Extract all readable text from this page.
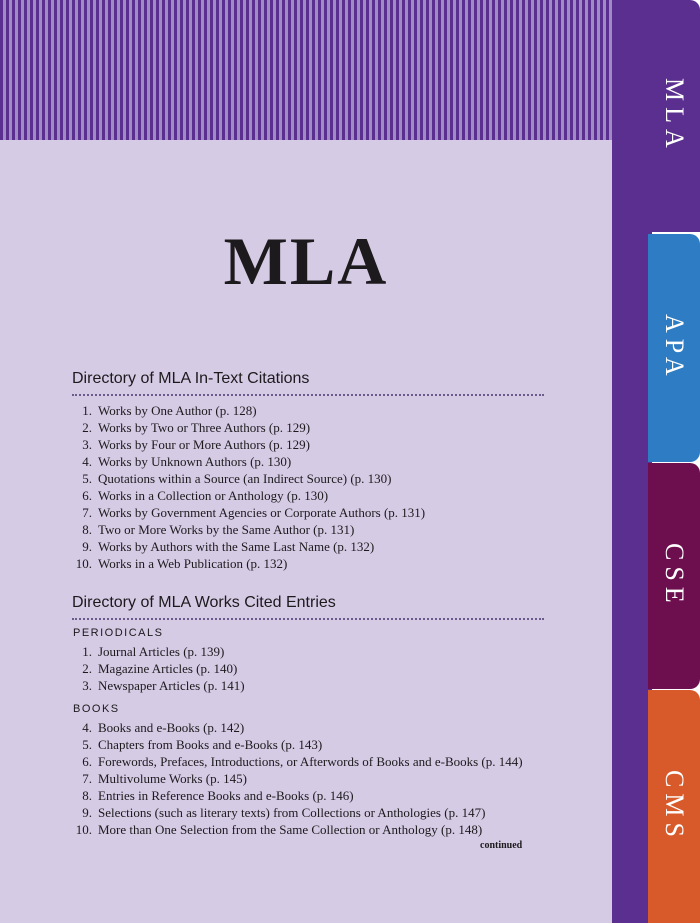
MLA
Directory of MLA In-Text Citations
1. Works by One Author (p. 128)
2. Works by Two or Three Authors (p. 129)
3. Works by Four or More Authors (p. 129)
4. Works by Unknown Authors (p. 130)
5. Quotations within a Source (an Indirect Source) (p. 130)
6. Works in a Collection or Anthology (p. 130)
7. Works by Government Agencies or Corporate Authors (p. 131)
8. Two or More Works by the Same Author (p. 131)
9. Works by Authors with the Same Last Name (p. 132)
10. Works in a Web Publication (p. 132)
Directory of MLA Works Cited Entries
PERIODICALS
1. Journal Articles (p. 139)
2. Magazine Articles (p. 140)
3. Newspaper Articles (p. 141)
BOOKS
4. Books and e-Books (p. 142)
5. Chapters from Books and e-Books (p. 143)
6. Forewords, Prefaces, Introductions, or Afterwords of Books and e-Books (p. 144)
7. Multivolume Works (p. 145)
8. Entries in Reference Books and e-Books (p. 146)
9. Selections (such as literary texts) from Collections or Anthologies (p. 147)
10. More than One Selection from the Same Collection or Anthology (p. 148)
continued
MLA
APA
CSE
CMS
